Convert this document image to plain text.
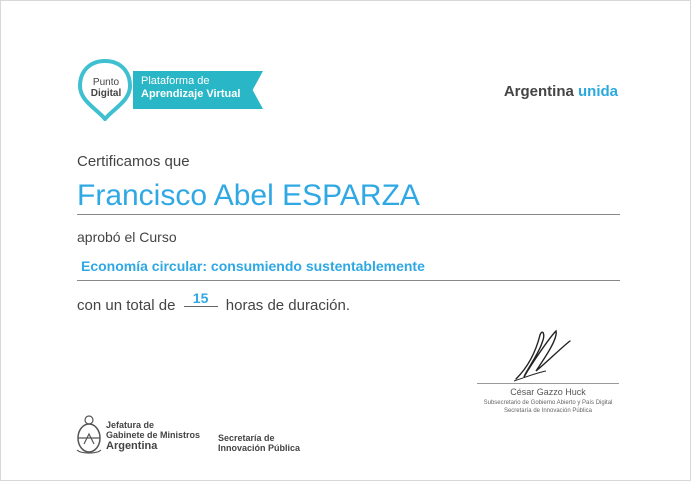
Punto
Digital
Plataforma de
Aprendizaje Virtual	Argentina unida
Certificamos que
Francisco Abel ESPARZA
aprobó el Curso
Economía circular: consumiendo sustentablemente
con un total de 15 horas de duración.
César Gazzo Huck
Subsecretario de Gobierno Abierto y País Digital
Secretaría de Innovación Pública
Jefatura de
Gabinete de Ministros
Argentina
Secretaría de
Innovación Pública
